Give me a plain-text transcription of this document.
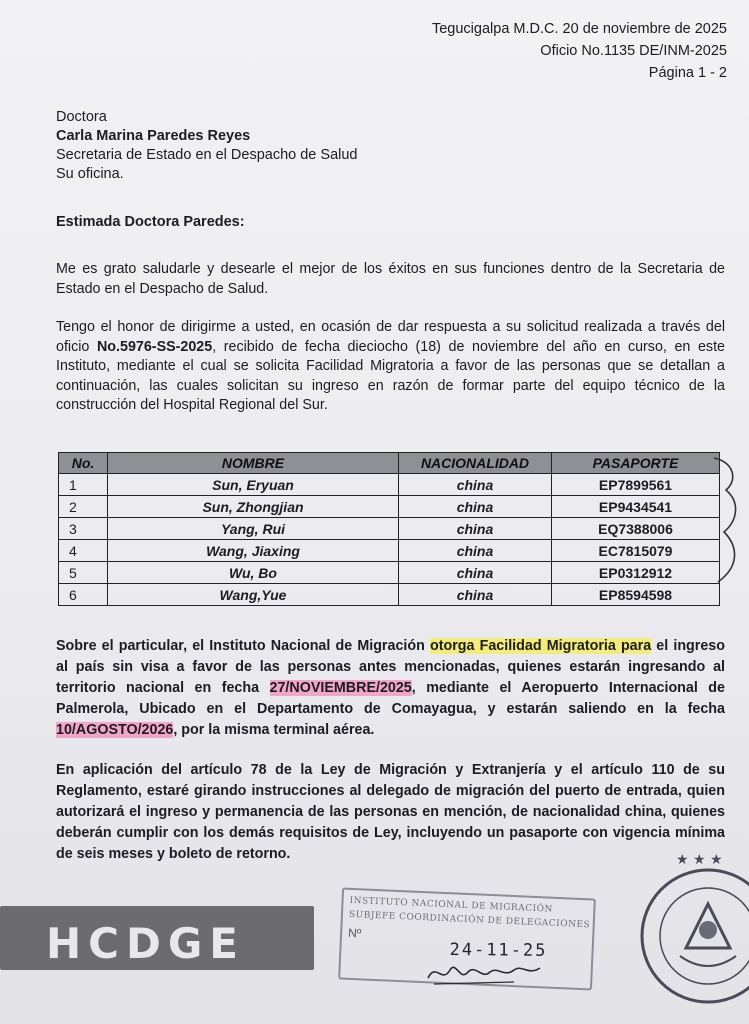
Tegucigalpa M.D.C. 20 de noviembre de 2025
Oficio No.1135 DE/INM-2025
Página 1 - 2
Doctora
Carla Marina Paredes Reyes
Secretaria de Estado en el Despacho de Salud
Su oficina.
Estimada Doctora Paredes:
Me es grato saludarle y desearle el mejor de los éxitos en sus funciones dentro de la Secretaria de Estado en el Despacho de Salud.
Tengo el honor de dirigirme a usted, en ocasión de dar respuesta a su solicitud realizada a través del oficio No.5976-SS-2025, recibido de fecha dieciocho (18) de noviembre del año en curso, en este Instituto, mediante el cual se solicita Facilidad Migratoria a favor de las personas que se detallan a continuación, las cuales solicitan su ingreso en razón de formar parte del equipo técnico de la construcción del Hospital Regional del Sur.
No.	NOMBRE	NACIONALIDAD	PASAPORTE
1	Sun, Eryuan	china	EP7899561
2	Sun, Zhongjian	china	EP9434541
3	Yang, Rui	china	EQ7388006
4	Wang, Jiaxing	china	EC7815079
5	Wu, Bo	china	EP0312912
6	Wang,Yue	china	EP8594598
Sobre el particular, el Instituto Nacional de Migración otorga Facilidad Migratoria para el ingreso al país sin visa a favor de las personas antes mencionadas, quienes estarán ingresando al territorio nacional en fecha 27/NOVIEMBRE/2025, mediante el Aeropuerto Internacional de Palmerola, Ubicado en el Departamento de Comayagua, y estarán saliendo en la fecha 10/AGOSTO/2026, por la misma terminal aérea.
En aplicación del artículo 78 de la Ley de Migración y Extranjería y el artículo 110 de su Reglamento, estaré girando instrucciones al delegado de migración del puerto de entrada, quien autorizará el ingreso y permanencia de las personas en mención, de nacionalidad china, quienes deberán cumplir con los demás requisitos de Ley, incluyendo un pasaporte con vigencia mínima de seis meses y boleto de retorno.
HCDGE
INSTITUTO NACIONAL DE MIGRACIÓN
SUBJEFE COORDINACIÓN DE DELEGACIONES
Nº
24-11-25
★ ★ ★
